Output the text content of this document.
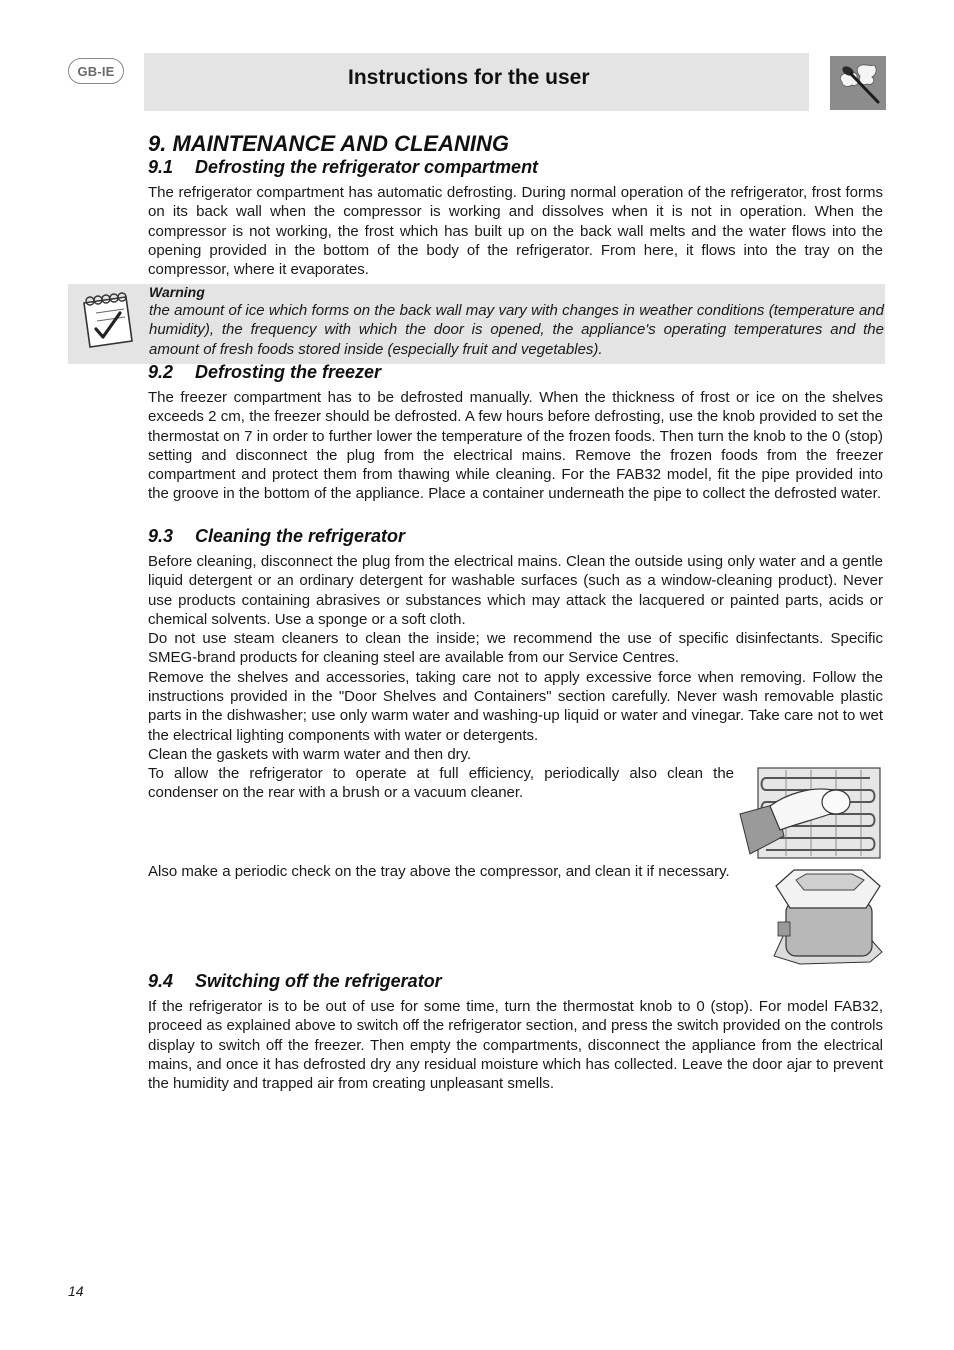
GB-IE	Instructions for the user
9. MAINTENANCE AND CLEANING
9.1 Defrosting the refrigerator compartment

The refrigerator compartment has automatic defrosting. During normal operation of the refrigerator, frost forms on its back wall when the compressor is working and dissolves when it is not in operation. When the compressor is not working, the frost which has built up on the back wall melts and the water flows into the opening provided in the bottom of the body of the refrigerator. From here, it flows into the tray on the compressor, where it evaporates.

Warning

the amount of ice which forms on the back wall may vary with changes in weather conditions (temperature and humidity), the frequency with which the door is opened, the appliance's operating temperatures and the amount of fresh foods stored inside (especially fruit and vegetables).

9.2 Defrosting the freezer

The freezer compartment has to be defrosted manually. When the thickness of frost or ice on the shelves exceeds 2 cm, the freezer should be defrosted. A few hours before defrosting, use the knob provided to set the thermostat on 7 in order to further lower the temperature of the frozen foods. Then turn the knob to the 0 (stop) setting and disconnect the plug from the electrical mains. Remove the frozen foods from the freezer compartment and protect them from thawing while cleaning. For the FAB32 model, fit the pipe provided into the groove in the bottom of the appliance. Place a container underneath the pipe to collect the defrosted water.

9.3 Cleaning the refrigerator

Before cleaning, disconnect the plug from the electrical mains. Clean the outside using only water and a gentle liquid detergent or an ordinary detergent for washable surfaces (such as a window-cleaning product). Never use products containing abrasives or substances which may attack the lacquered or painted parts, acids or chemical solvents. Use a sponge or a soft cloth.

Do not use steam cleaners to clean the inside; we recommend the use of specific disinfectants. Specific SMEG-brand products for cleaning steel are available from our Service Centres.

Remove the shelves and accessories, taking care not to apply excessive force when removing. Follow the instructions provided in the "Door Shelves and Containers" section carefully. Never wash removable plastic parts in the dishwasher; use only warm water and washing-up liquid or water and vinegar. Take care not to wet the electrical lighting components with water or detergents.

Clean the gaskets with warm water and then dry.

To allow the refrigerator to operate at full efficiency, periodically also clean the condenser on the rear with a brush or a vacuum cleaner.

Also make a periodic check on the tray above the compressor, and clean it if necessary.

9.4 Switching off the refrigerator

If the refrigerator is to be out of use for some time, turn the thermostat knob to 0 (stop). For model FAB32, proceed as explained above to switch off the refrigerator section, and press the switch provided on the controls display to switch off the freezer. Then empty the compartments, disconnect the appliance from the electrical mains, and once it has defrosted dry any residual moisture which has collected. Leave the door ajar to prevent the humidity and trapped air from creating unpleasant smells.

14
